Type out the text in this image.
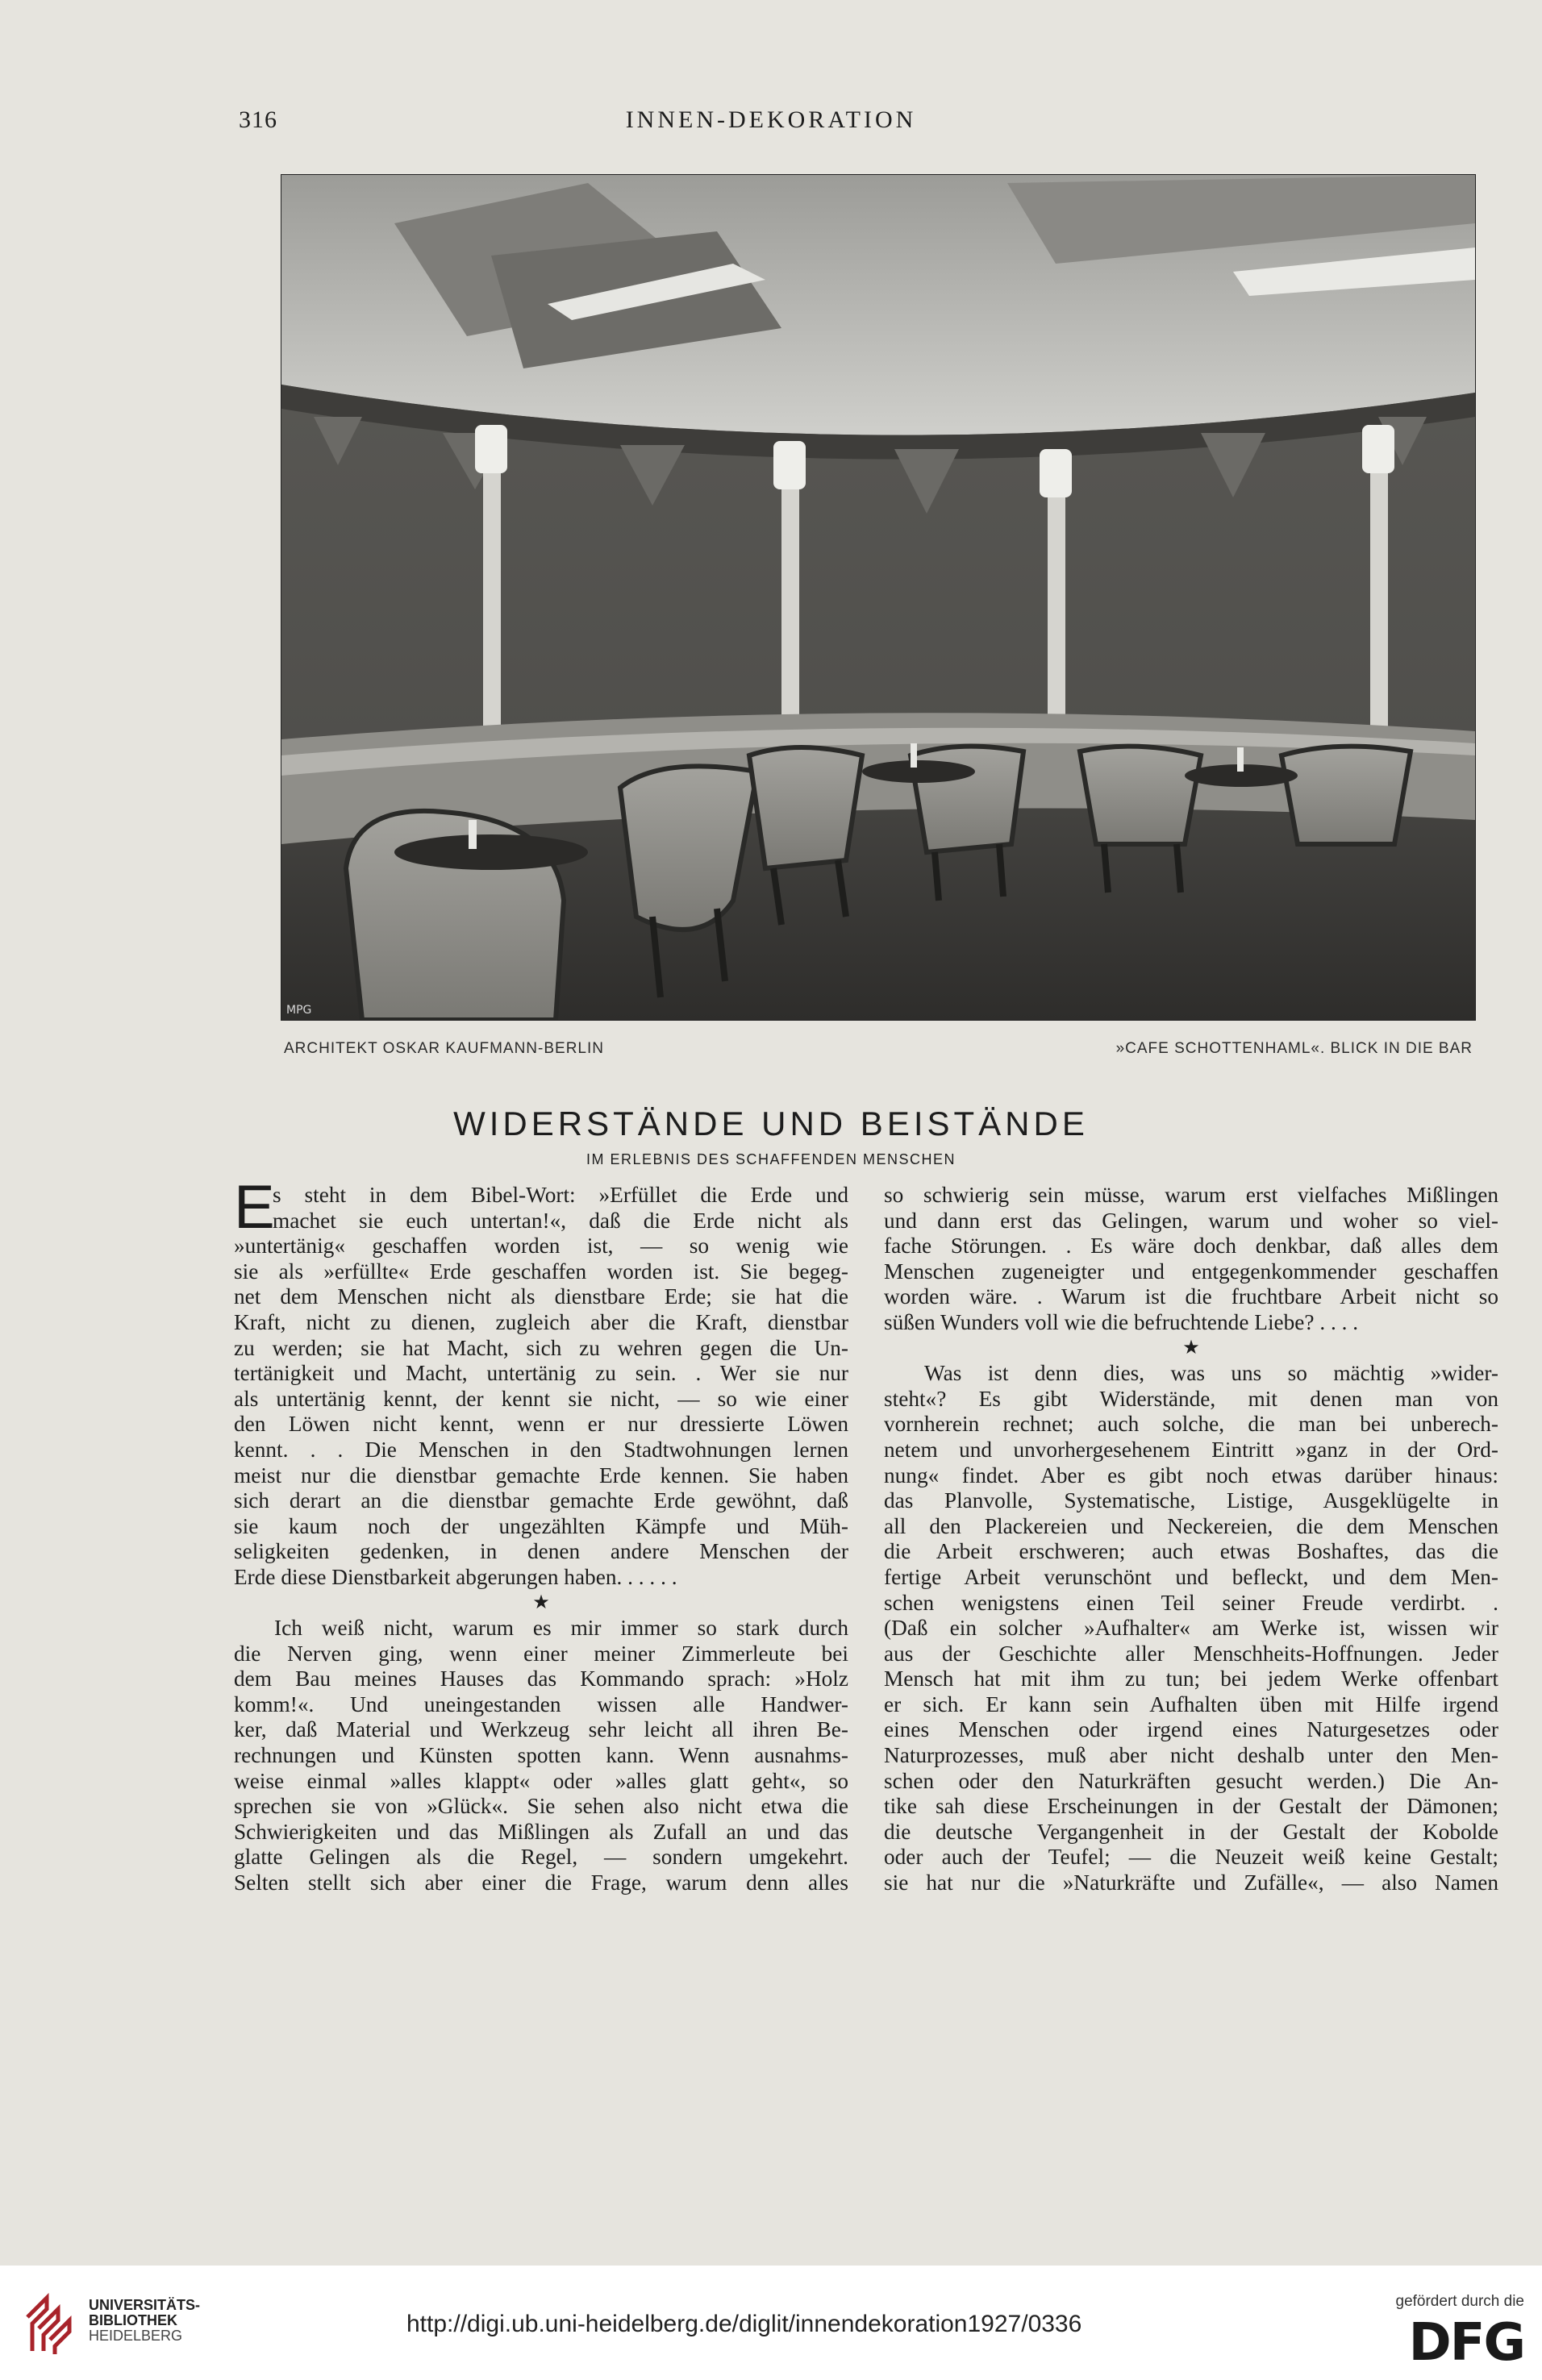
316	INNEN-DEKORATION
MPG
ARCHITEKT OSKAR KAUFMANN-BERLIN	»CAFE SCHOTTENHAML«. BLICK IN DIE BAR
WIDERSTÄNDE UND BEISTÄNDE
IM ERLEBNIS DES SCHAFFENDEN MENSCHEN
E

s steht in dem Bibel-Wort: »Erfüllet die Erde und

machet sie euch untertan!«, daß die Erde nicht als

»untertänig« geschaffen worden ist, — so wenig wie

sie als »erfüllte« Erde geschaffen worden ist. Sie begeg-

net dem Menschen nicht als dienstbare Erde; sie hat die

Kraft, nicht zu dienen, zugleich aber die Kraft, dienstbar

zu werden; sie hat Macht, sich zu wehren gegen die Un-

tertänigkeit und Macht, untertänig zu sein. . Wer sie nur

als untertänig kennt, der kennt sie nicht, — so wie einer

den Löwen nicht kennt, wenn er nur dressierte Löwen

kennt. . . Die Menschen in den Stadtwohnungen lernen

meist nur die dienstbar gemachte Erde kennen. Sie haben

sich derart an die dienstbar gemachte Erde gewöhnt, daß

sie kaum noch der ungezählten Kämpfe und Müh-

seligkeiten gedenken, in denen andere Menschen der

Erde diese Dienstbarkeit abgerungen haben. . . . . .

★

Ich weiß nicht, warum es mir immer so stark durch

die Nerven ging, wenn einer meiner Zimmerleute bei

dem Bau meines Hauses das Kommando sprach: »Holz

komm!«. Und uneingestanden wissen alle Handwer-

ker, daß Material und Werkzeug sehr leicht all ihren Be-

rechnungen und Künsten spotten kann. Wenn ausnahms-

weise einmal »alles klappt« oder »alles glatt geht«, so

sprechen sie von »Glück«. Sie sehen also nicht etwa die

Schwierigkeiten und das Mißlingen als Zufall an und das

glatte Gelingen als die Regel, — sondern umgekehrt.

Selten stellt sich aber einer die Frage, warum denn alles

so schwierig sein müsse, warum erst vielfaches Mißlingen

und dann erst das Gelingen, warum und woher so viel-

fache Störungen. . Es wäre doch denkbar, daß alles dem

Menschen zugeneigter und entgegenkommender geschaffen

worden wäre. . Warum ist die fruchtbare Arbeit nicht so

süßen Wunders voll wie die befruchtende Liebe? . . . .

★

Was ist denn dies, was uns so mächtig »wider-

steht«? Es gibt Widerstände, mit denen man von

vornherein rechnet; auch solche, die man bei unberech-

netem und unvorhergesehenem Eintritt »ganz in der Ord-

nung« findet. Aber es gibt noch etwas darüber hinaus:

das Planvolle, Systematische, Listige, Ausgeklügelte in

all den Plackereien und Neckereien, die dem Menschen

die Arbeit erschweren; auch etwas Boshaftes, das die

fertige Arbeit verunschönt und befleckt, und dem Men-

schen wenigstens einen Teil seiner Freude verdirbt. .

(Daß ein solcher »Aufhalter« am Werke ist, wissen wir

aus der Geschichte aller Menschheits-Hoffnungen. Jeder

Mensch hat mit ihm zu tun; bei jedem Werke offenbart

er sich. Er kann sein Aufhalten üben mit Hilfe irgend

eines Menschen oder irgend eines Naturgesetzes oder

Naturprozesses, muß aber nicht deshalb unter den Men-

schen oder den Naturkräften gesucht werden.) Die An-

tike sah diese Erscheinungen in der Gestalt der Dämonen;

die deutsche Vergangenheit in der Gestalt der Kobolde

oder auch der Teufel; — die Neuzeit weiß keine Gestalt;

sie hat nur die »Naturkräfte und Zufälle«, — also Namen

UNIVERSITÄTS-
BIBLIOTHEK
HEIDELBERG	http://digi.ub.uni-heidelberg.de/diglit/innendekoration1927/0336
gefördert durch die
DFG
